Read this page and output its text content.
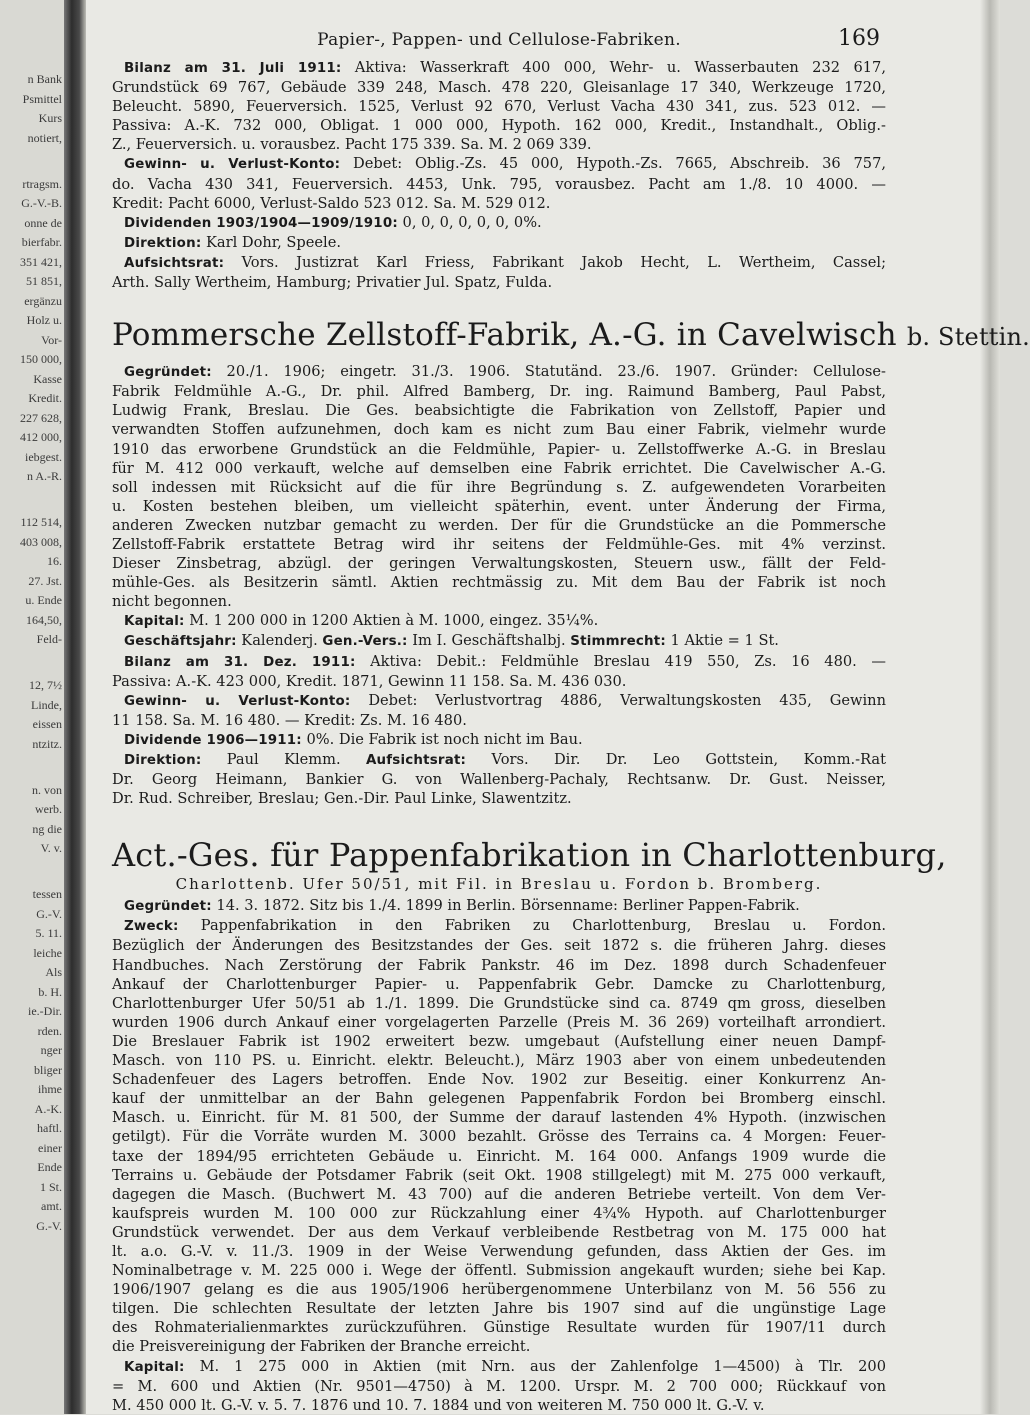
n Bank
Psmittel
Kurs
notiert,
rtragsm.
G.-V.-B.
onne de
bierfabr.
351 421,
51 851,
ergänzu
Holz u.
Vor-
150 000,
Kasse
Kredit.
227 628,
412 000,
iebgest.
n A.-R.
112 514,
403 008,
16.
27. Jst.
u. Ende
164,50,
Feld-
12, 7½
Linde,
eissen
ntzitz.
n. von
werb.
ng die
V. v.
tessen
G.-V.
5. 11.
leiche
Als
b. H.
ie.-Dir.
rden.
nger
bliger
ihme
A.-K.
haftl.
einer
Ende
1 St.
amt.
G.-V.
Papier-, Pappen- und Cellulose-Fabriken.	169

Bilanz am 31. Juli 1911: Aktiva: Wasserkraft 400 000, Wehr- u. Wasserbauten 232 617,

Grundstück 69 767, Gebäude 339 248, Masch. 478 220, Gleisanlage 17 340, Werkzeuge 1720,

Beleucht. 5890, Feuerversich. 1525, Verlust 92 670, Verlust Vacha 430 341, zus. 523 012. —

Passiva: A.-K. 732 000, Obligat. 1 000 000, Hypoth. 162 000, Kredit., Instandhalt., Oblig.-

Z., Feuerversich. u. vorausbez. Pacht 175 339. Sa. M. 2 069 339.

Gewinn- u. Verlust-Konto: Debet: Oblig.-Zs. 45 000, Hypoth.-Zs. 7665, Abschreib. 36 757,

do. Vacha 430 341, Feuerversich. 4453, Unk. 795, vorausbez. Pacht am 1./8. 10 4000. —

Kredit: Pacht 6000, Verlust-Saldo 523 012. Sa. M. 529 012.

Dividenden 1903/1904—1909/1910: 0, 0, 0, 0, 0, 0, 0%.

Direktion: Karl Dohr, Speele.

Aufsichtsrat: Vors. Justizrat Karl Friess, Fabrikant Jakob Hecht, L. Wertheim, Cassel;

Arth. Sally Wertheim, Hamburg; Privatier Jul. Spatz, Fulda.

Pommersche Zellstoff-Fabrik, A.-G. in Cavelwisch b. Stettin.

Gegründet: 20./1. 1906; eingetr. 31./3. 1906. Statutänd. 23./6. 1907. Gründer: Cellulose-

Fabrik Feldmühle A.-G., Dr. phil. Alfred Bamberg, Dr. ing. Raimund Bamberg, Paul Pabst,

Ludwig Frank, Breslau. Die Ges. beabsichtigte die Fabrikation von Zellstoff, Papier und

verwandten Stoffen aufzunehmen, doch kam es nicht zum Bau einer Fabrik, vielmehr wurde

1910 das erworbene Grundstück an die Feldmühle, Papier- u. Zellstoffwerke A.-G. in Breslau

für M. 412 000 verkauft, welche auf demselben eine Fabrik errichtet. Die Cavelwischer A.-G.

soll indessen mit Rücksicht auf die für ihre Begründung s. Z. aufgewendeten Vorarbeiten

u. Kosten bestehen bleiben, um vielleicht späterhin, event. unter Änderung der Firma,

anderen Zwecken nutzbar gemacht zu werden. Der für die Grundstücke an die Pommersche

Zellstoff-Fabrik erstattete Betrag wird ihr seitens der Feldmühle-Ges. mit 4% verzinst.

Dieser Zinsbetrag, abzügl. der geringen Verwaltungskosten, Steuern usw., fällt der Feld-

mühle-Ges. als Besitzerin sämtl. Aktien rechtmässig zu. Mit dem Bau der Fabrik ist noch

nicht begonnen.

Kapital: M. 1 200 000 in 1200 Aktien à M. 1000, eingez. 35¼%.

Geschäftsjahr: Kalenderj. Gen.-Vers.: Im I. Geschäftshalbj. Stimmrecht: 1 Aktie = 1 St.

Bilanz am 31. Dez. 1911: Aktiva: Debit.: Feldmühle Breslau 419 550, Zs. 16 480. —

Passiva: A.-K. 423 000, Kredit. 1871, Gewinn 11 158. Sa. M. 436 030.

Gewinn- u. Verlust-Konto: Debet: Verlustvortrag 4886, Verwaltungskosten 435, Gewinn

11 158. Sa. M. 16 480. — Kredit: Zs. M. 16 480.

Dividende 1906—1911: 0%. Die Fabrik ist noch nicht im Bau.

Direktion: Paul Klemm. Aufsichtsrat: Vors. Dir. Dr. Leo Gottstein, Komm.-Rat

Dr. Georg Heimann, Bankier G. von Wallenberg-Pachaly, Rechtsanw. Dr. Gust. Neisser,

Dr. Rud. Schreiber, Breslau; Gen.-Dir. Paul Linke, Slawentzitz.

Act.-Ges. für Pappenfabrikation in Charlottenburg,

Charlottenb. Ufer 50/51, mit Fil. in Breslau u. Fordon b. Bromberg.

Gegründet: 14. 3. 1872. Sitz bis 1./4. 1899 in Berlin. Börsenname: Berliner Pappen-Fabrik.

Zweck: Pappenfabrikation in den Fabriken zu Charlottenburg, Breslau u. Fordon.

Bezüglich der Änderungen des Besitzstandes der Ges. seit 1872 s. die früheren Jahrg. dieses

Handbuches. Nach Zerstörung der Fabrik Pankstr. 46 im Dez. 1898 durch Schadenfeuer

Ankauf der Charlottenburger Papier- u. Pappenfabrik Gebr. Damcke zu Charlottenburg,

Charlottenburger Ufer 50/51 ab 1./1. 1899. Die Grundstücke sind ca. 8749 qm gross, dieselben

wurden 1906 durch Ankauf einer vorgelagerten Parzelle (Preis M. 36 269) vorteilhaft arrondiert.

Die Breslauer Fabrik ist 1902 erweitert bezw. umgebaut (Aufstellung einer neuen Dampf-

Masch. von 110 PS. u. Einricht. elektr. Beleucht.), März 1903 aber von einem unbedeutenden

Schadenfeuer des Lagers betroffen. Ende Nov. 1902 zur Beseitig. einer Konkurrenz An-

kauf der unmittelbar an der Bahn gelegenen Pappenfabrik Fordon bei Bromberg einschl.

Masch. u. Einricht. für M. 81 500, der Summe der darauf lastenden 4% Hypoth. (inzwischen

getilgt). Für die Vorräte wurden M. 3000 bezahlt. Grösse des Terrains ca. 4 Morgen: Feuer-

taxe der 1894/95 errichteten Gebäude u. Einricht. M. 164 000. Anfangs 1909 wurde die

Terrains u. Gebäude der Potsdamer Fabrik (seit Okt. 1908 stillgelegt) mit M. 275 000 verkauft,

dagegen die Masch. (Buchwert M. 43 700) auf die anderen Betriebe verteilt. Von dem Ver-

kaufspreis wurden M. 100 000 zur Rückzahlung einer 4¾% Hypoth. auf Charlottenburger

Grundstück verwendet. Der aus dem Verkauf verbleibende Restbetrag von M. 175 000 hat

lt. a.o. G.-V. v. 11./3. 1909 in der Weise Verwendung gefunden, dass Aktien der Ges. im

Nominalbetrage v. M. 225 000 i. Wege der öffentl. Submission angekauft wurden; siehe bei Kap.

1906/1907 gelang es die aus 1905/1906 herübergenommene Unterbilanz von M. 56 556 zu

tilgen. Die schlechten Resultate der letzten Jahre bis 1907 sind auf die ungünstige Lage

des Rohmaterialienmarktes zurückzuführen. Günstige Resultate wurden für 1907/11 durch

die Preisvereinigung der Fabriken der Branche erreicht.

Kapital: M. 1 275 000 in Aktien (mit Nrn. aus der Zahlenfolge 1—4500) à Tlr. 200

= M. 600 und Aktien (Nr. 9501—4750) à M. 1200. Urspr. M. 2 700 000; Rückkauf von

M. 450 000 lt. G.-V. v. 5. 7. 1876 und 10. 7. 1884 und von weiteren M. 750 000 lt. G.-V. v.
